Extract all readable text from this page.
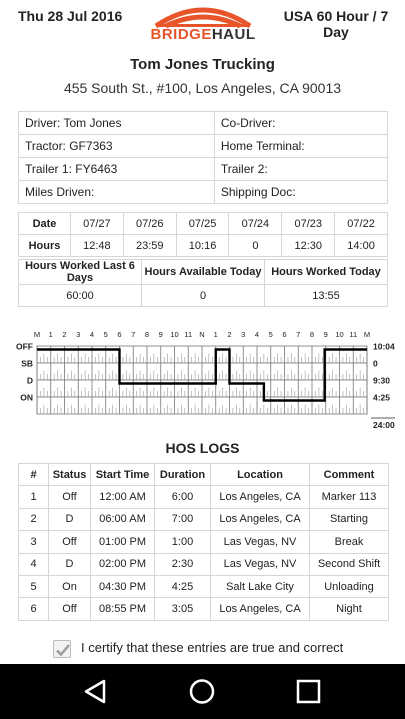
Thu 28 Jul 2016
BRIDGEHAUL
USA 60 Hour / 7
Day
Tom Jones Trucking
455 South St., #100, Los Angeles, CA 90013
Driver: Tom Jones	Co-Driver:
Tractor: GF7363	Home Terminal:
Trailer 1: FY6463	Trailer 2:
Miles Driven:	Shipping Doc:
Date	07/27	07/26	07/25	07/24	07/23	07/22
Hours	12:48	23:59	10:16	0	12:30	14:00
Hours Worked Last 6 Days	Hours Available Today	Hours Worked Today
60:00	0	13:55
M 1 2 3 4 5 6 7 8 9 10 11 N 1 2 3 4 5 6 7 8 9 10 11 M
OFF	10:04
SB	0
D	9:30
ON	4:25
24:00
HOS LOGS
#	Status	Start Time	Duration	Location	Comment
1	Off	12:00 AM	6:00	Los Angeles, CA	Marker 113
2	D	06:00 AM	7:00	Los Angeles, CA	Starting
3	Off	01:00 PM	1:00	Las Vegas, NV	Break
4	D	02:00 PM	2:30	Las Vegas, NV	Second Shift
5	On	04:30 PM	4:25	Salt Lake City	Unloading
6	Off	08:55 PM	3:05	Los Angeles, CA	Night
I certify that these entries are true and correct
